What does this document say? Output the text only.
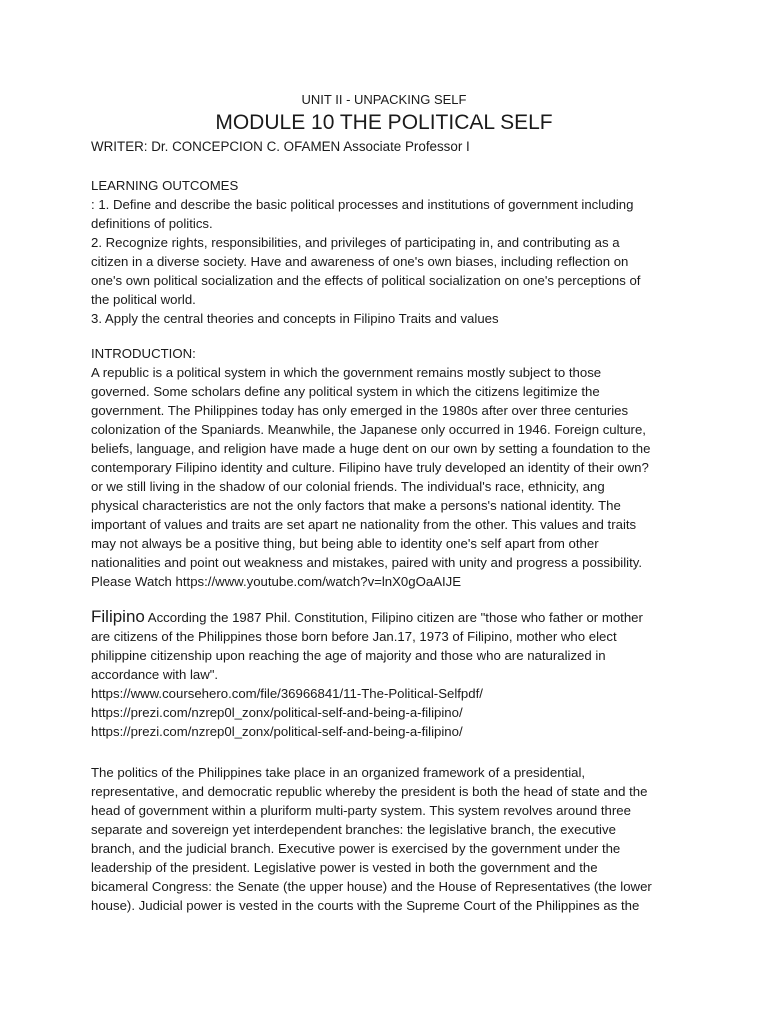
UNIT II - UNPACKING SELF
MODULE 10 THE POLITICAL SELF
WRITER: Dr. CONCEPCION C. OFAMEN Associate Professor I

LEARNING OUTCOMES

: 1. Define and describe the basic political processes and institutions of government including

definitions of politics.

2. Recognize rights, responsibilities, and privileges of participating in, and contributing as a

citizen in a diverse society. Have and awareness of one's own biases, including reflection on

one's own political socialization and the effects of political socialization on one's perceptions of

the political world.

3. Apply the central theories and concepts in Filipino Traits and values

INTRODUCTION:

A republic is a political system in which the government remains mostly subject to those

governed. Some scholars define any political system in which the citizens legitimize the

government. The Philippines today has only emerged in the 1980s after over three centuries

colonization of the Spaniards. Meanwhile, the Japanese only occurred in 1946. Foreign culture,

beliefs, language, and religion have made a huge dent on our own by setting a foundation to the

contemporary Filipino identity and culture. Filipino have truly developed an identity of their own?

or we still living in the shadow of our colonial friends. The individual's race, ethnicity, ang

physical characteristics are not the only factors that make a persons's national identity. The

important of values and traits are set apart ne nationality from the other. This values and traits

may not always be a positive thing, but being able to identity one's self apart from other

nationalities and point out weakness and mistakes, paired with unity and progress a possibility.

Please Watch https://www.youtube.com/watch?v=lnX0gOaAIJE

Filipino According the 1987 Phil. Constitution, Filipino citizen are "those who father or mother

are citizens of the Philippines those born before Jan.17, 1973 of Filipino, mother who elect

philippine citizenship upon reaching the age of majority and those who are naturalized in

accordance with law".

https://www.coursehero.com/file/36966841/11-The-Political-Selfpdf/

https://prezi.com/nzrep0l_zonx/political-self-and-being-a-filipino/

https://prezi.com/nzrep0l_zonx/political-self-and-being-a-filipino/

The politics of the Philippines take place in an organized framework of a presidential,

representative, and democratic republic whereby the president is both the head of state and the

head of government within a pluriform multi-party system. This system revolves around three

separate and sovereign yet interdependent branches: the legislative branch, the executive

branch, and the judicial branch. Executive power is exercised by the government under the

leadership of the president. Legislative power is vested in both the government and the

bicameral Congress: the Senate (the upper house) and the House of Representatives (the lower

house). Judicial power is vested in the courts with the Supreme Court of the Philippines as the
